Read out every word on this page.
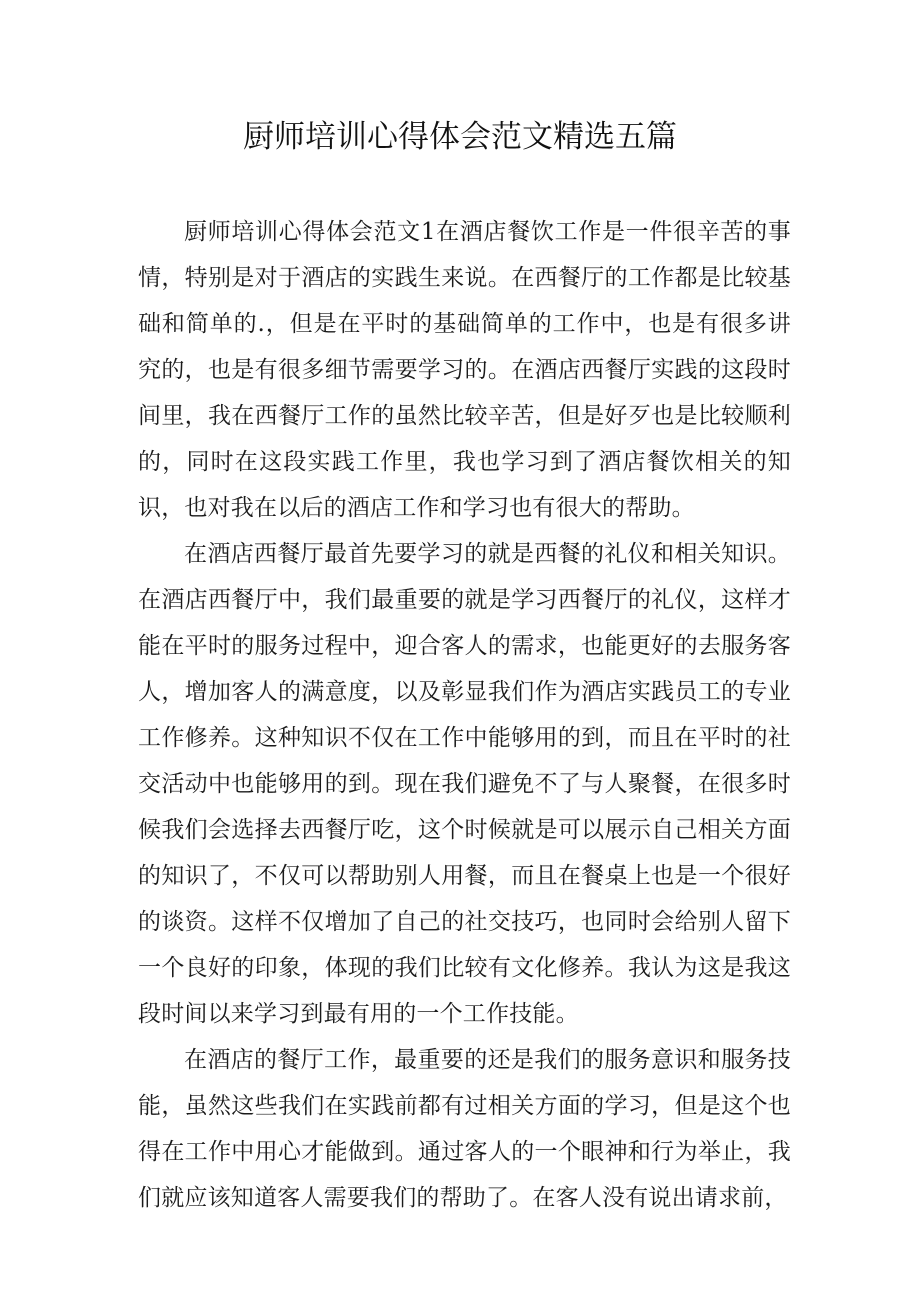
厨师培训心得体会范文精选五篇

厨师培训心得体会范文1在酒店餐饮工作是一件很辛苦的事情，特别是对于酒店的实践生来说。在西餐厅的工作都是比较基础和简单的.，但是在平时的基础简单的工作中，也是有很多讲究的，也是有很多细节需要学习的。在酒店西餐厅实践的这段时间里，我在西餐厅工作的虽然比较辛苦，但是好歹也是比较顺利的，同时在这段实践工作里，我也学习到了酒店餐饮相关的知识，也对我在以后的酒店工作和学习也有很大的帮助。

在酒店西餐厅最首先要学习的就是西餐的礼仪和相关知识。在酒店西餐厅中，我们最重要的就是学习西餐厅的礼仪，这样才能在平时的服务过程中，迎合客人的需求，也能更好的去服务客人，增加客人的满意度，以及彰显我们作为酒店实践员工的专业工作修养。这种知识不仅在工作中能够用的到，而且在平时的社交活动中也能够用的到。现在我们避免不了与人聚餐，在很多时候我们会选择去西餐厅吃，这个时候就是可以展示自己相关方面的知识了，不仅可以帮助别人用餐，而且在餐桌上也是一个很好的谈资。这样不仅增加了自己的社交技巧，也同时会给别人留下一个良好的印象，体现的我们比较有文化修养。我认为这是我这段时间以来学习到最有用的一个工作技能。

在酒店的餐厅工作，最重要的还是我们的服务意识和服务技能，虽然这些我们在实践前都有过相关方面的学习，但是这个也得在工作中用心才能做到。通过客人的一个眼神和行为举止，我们就应该知道客人需要我们的帮助了。在客人没有说出请求前，
